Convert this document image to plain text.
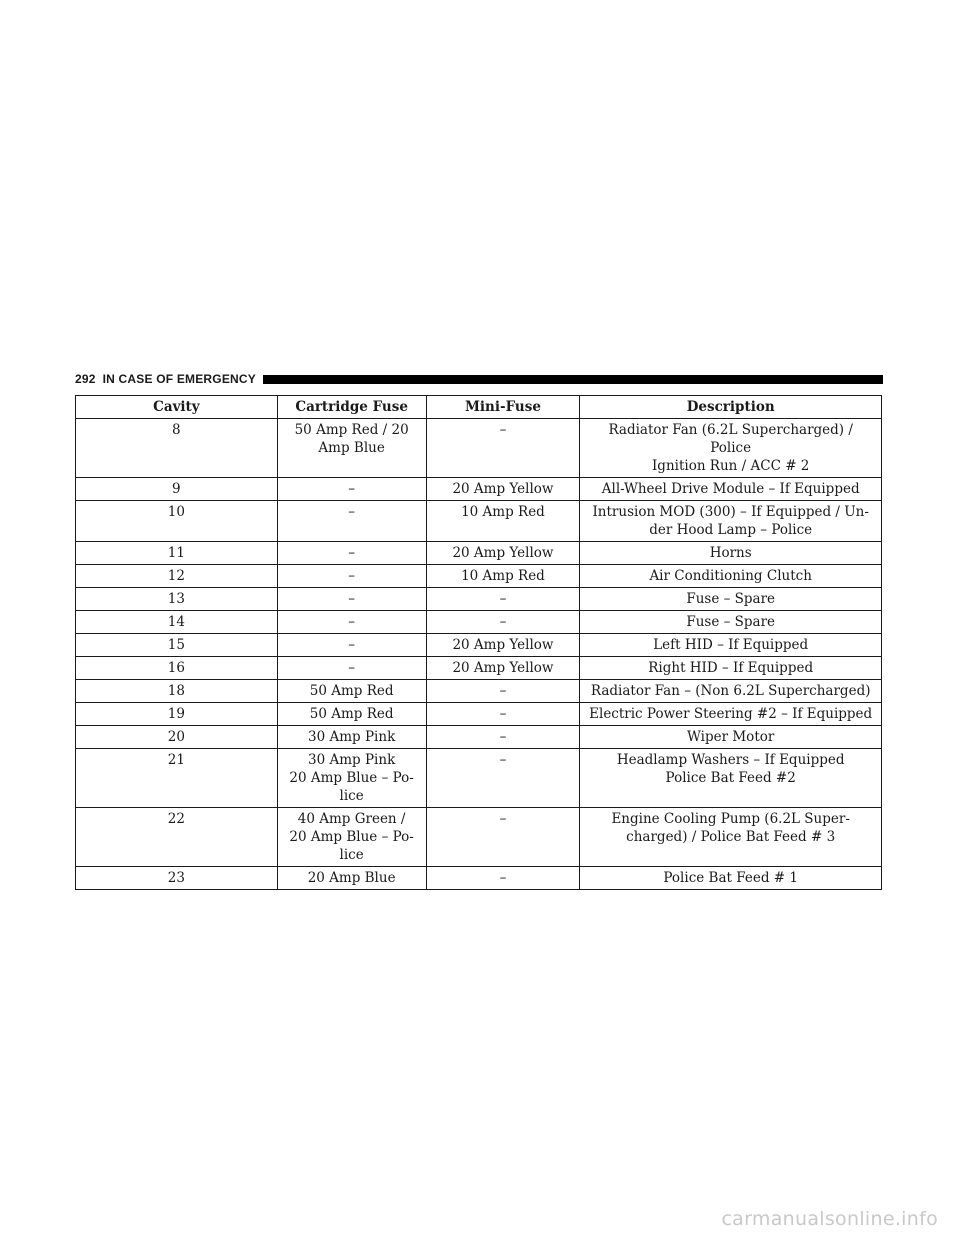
292 IN CASE OF EMERGENCY
Cavity	Cartridge Fuse	Mini-Fuse	Description
8	50 Amp Red / 20
Amp Blue	–	Radiator Fan (6.2L Supercharged) / Police
Ignition Run / ACC # 2

9	–	20 Amp Yellow	All-Wheel Drive Module – If Equipped

10	–	10 Amp Red	Intrusion MOD (300) – If Equipped / Un-
der Hood Lamp – Police

11	–	20 Amp Yellow	Horns

12	–	10 Amp Red	Air Conditioning Clutch

13	–	–	Fuse – Spare

14	–	–	Fuse – Spare

15	–	20 Amp Yellow	Left HID – If Equipped

16	–	20 Amp Yellow	Right HID – If Equipped

18	50 Amp Red	–	Radiator Fan – (Non 6.2L Supercharged)

19	50 Amp Red	–	Electric Power Steering #2 – If Equipped

20	30 Amp Pink	–	Wiper Motor

21	30 Amp Pink
20 Amp Blue – Po-
lice	–	Headlamp Washers – If Equipped
Police Bat Feed #2

22	40 Amp Green /
20 Amp Blue – Po-
lice	–	Engine Cooling Pump (6.2L Super-
charged) / Police Bat Feed # 3

23	20 Amp Blue	–	Police Bat Feed # 1
carmanualsonline.info
